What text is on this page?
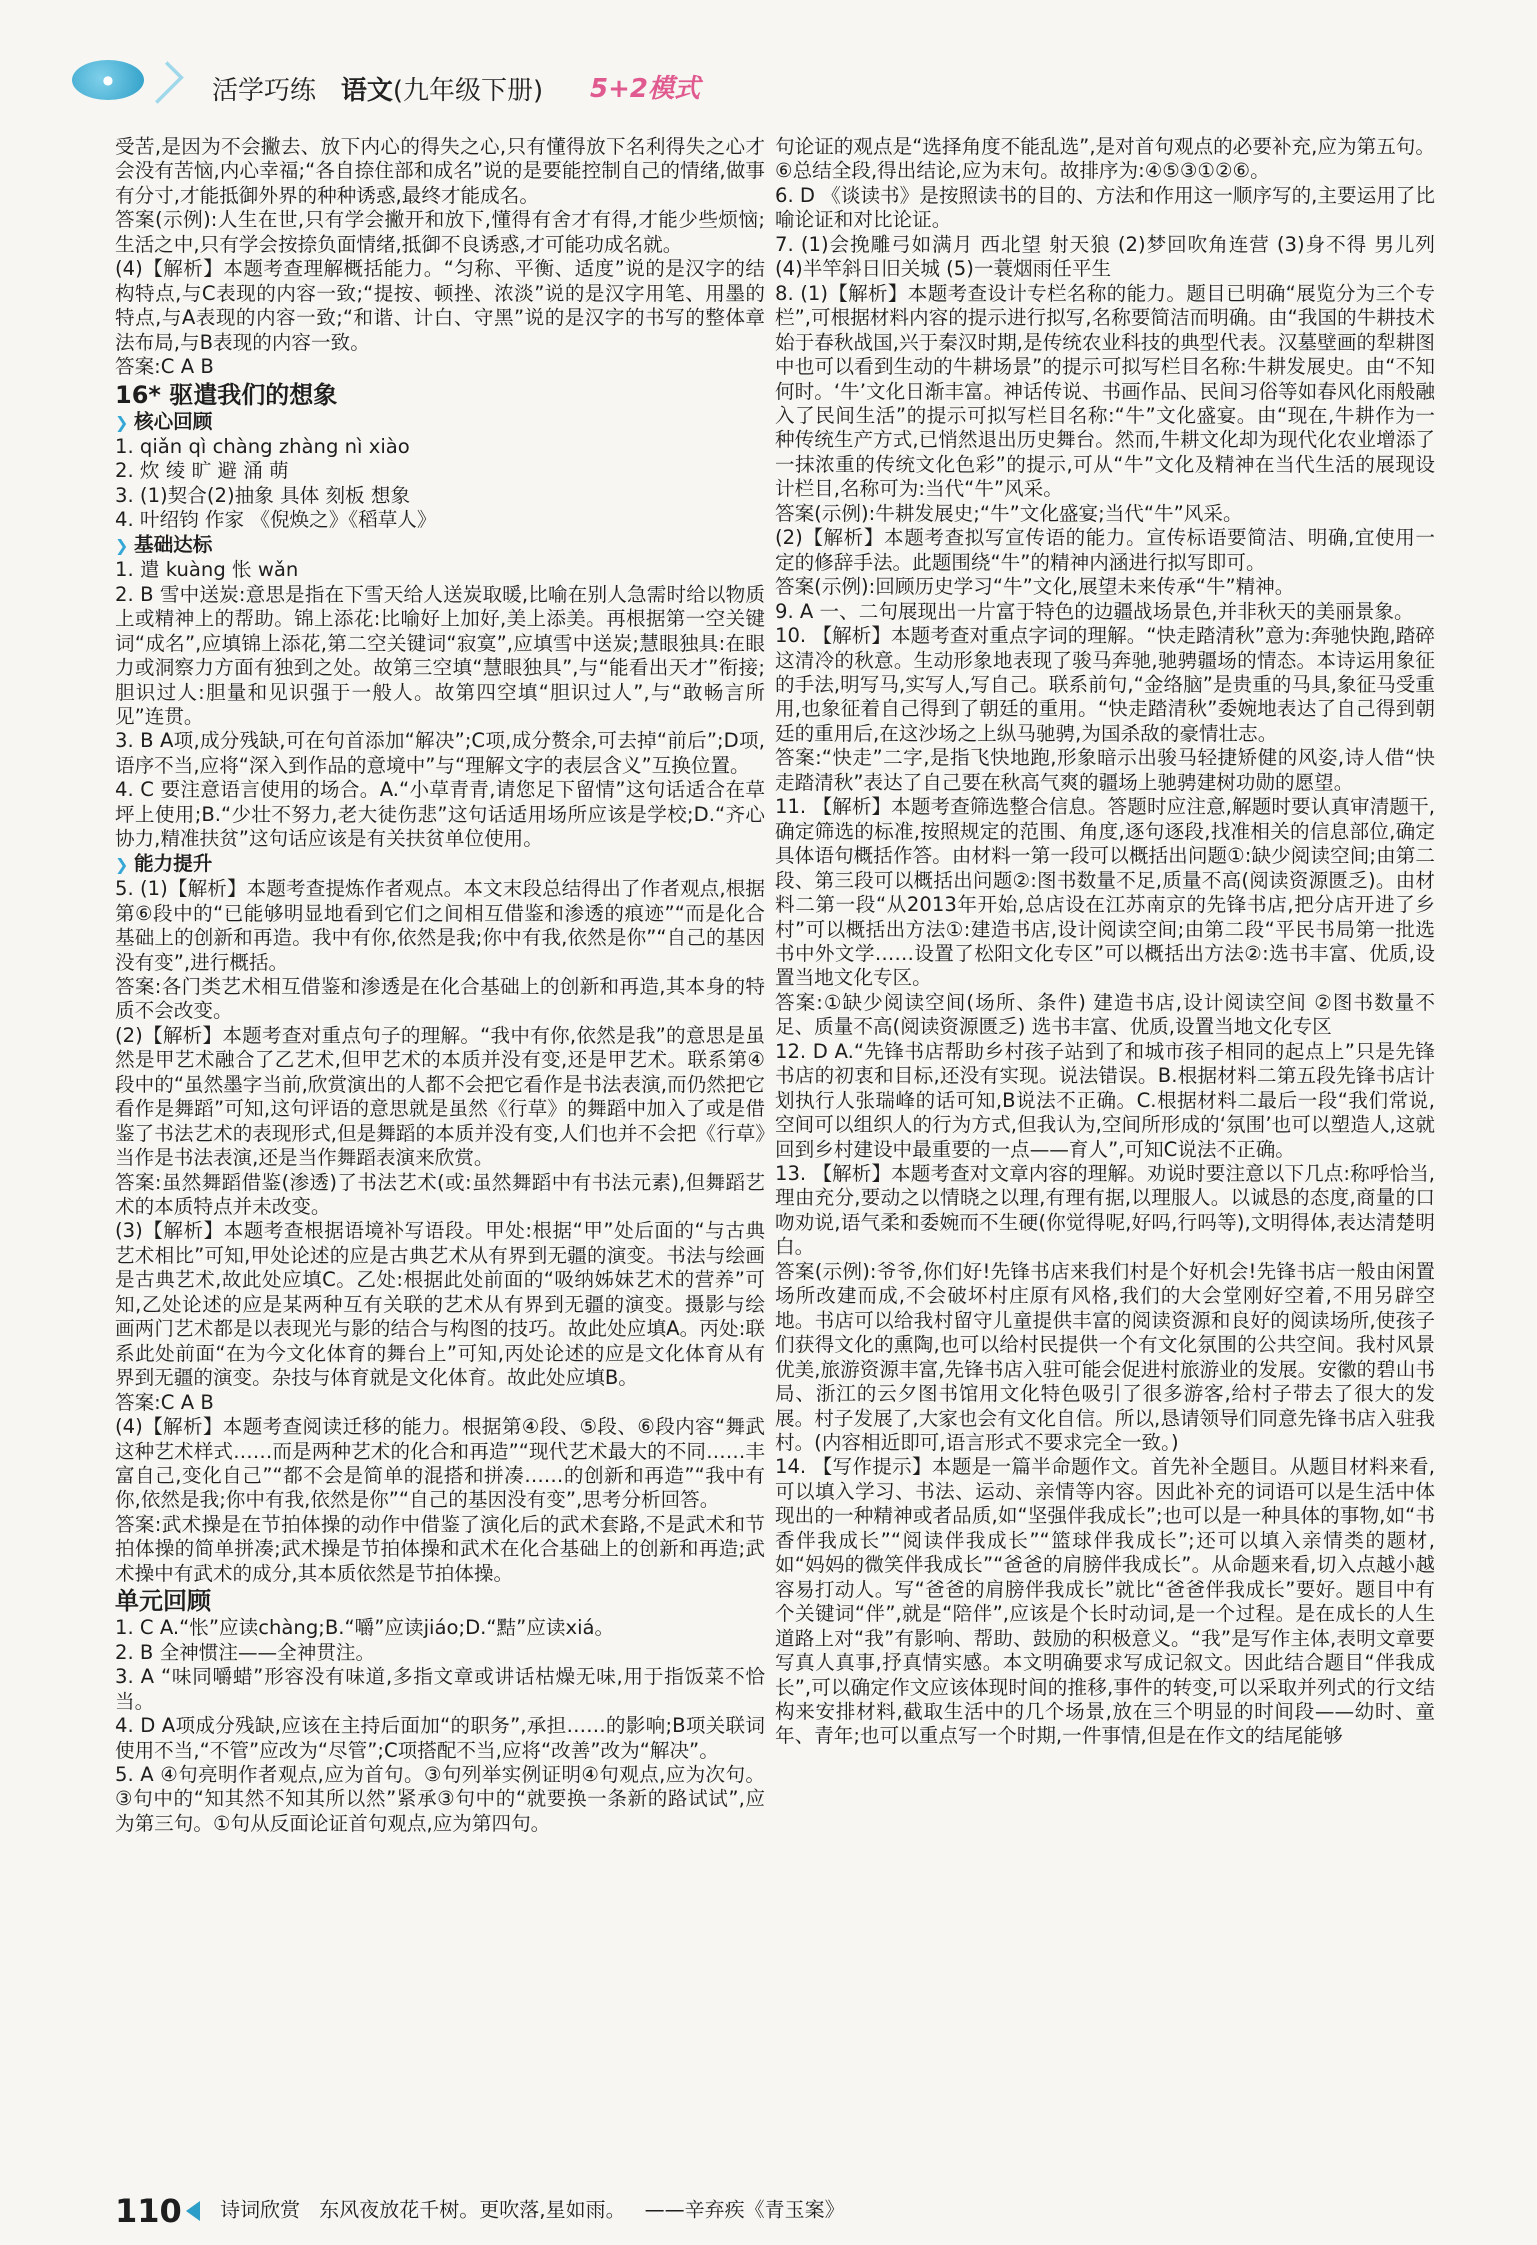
●	活学巧练 语文(九年级下册) 5+2模式

受苦,是因为不会撇去、放下内心的得失之心,只有懂得放下名利得失之心才会没有苦恼,内心幸福;“各自捺住部和成名”说的是要能控制自己的情绪,做事有分寸,才能抵御外界的种种诱惑,最终才能成名。

答案(示例):人生在世,只有学会撇开和放下,懂得有舍才有得,才能少些烦恼;生活之中,只有学会按捺负面情绪,抵御不良诱惑,才可能功成名就。

(4)【解析】本题考查理解概括能力。“匀称、平衡、适度”说的是汉字的结构特点,与C表现的内容一致;“提按、顿挫、浓淡”说的是汉字用笔、用墨的特点,与A表现的内容一致;“和谐、计白、守黑”说的是汉字的书写的整体章法布局,与B表现的内容一致。

答案:C A B

16* 驱遣我们的想象

❯ 核心回顾

1. qiǎn qì chàng zhàng nì xiào

2. 炊 绫 旷 避 涌 萌

3. (1)契合(2)抽象 具体 刻板 想象

4. 叶绍钧 作家 《倪焕之》《稻草人》

❯ 基础达标

1. 遣 kuàng 怅 wǎn

2. B 雪中送炭:意思是指在下雪天给人送炭取暖,比喻在别人急需时给以物质上或精神上的帮助。锦上添花:比喻好上加好,美上添美。再根据第一空关键词“成名”,应填锦上添花,第二空关键词“寂寞”,应填雪中送炭;慧眼独具:在眼力或洞察力方面有独到之处。故第三空填“慧眼独具”,与“能看出天才”衔接;胆识过人:胆量和见识强于一般人。故第四空填“胆识过人”,与“敢畅言所见”连贯。

3. B A项,成分残缺,可在句首添加“解决”;C项,成分赘余,可去掉“前后”;D项,语序不当,应将“深入到作品的意境中”与“理解文字的表层含义”互换位置。

4. C 要注意语言使用的场合。A.“小草青青,请您足下留情”这句话适合在草坪上使用;B.“少壮不努力,老大徒伤悲”这句话适用场所应该是学校;D.“齐心协力,精准扶贫”这句话应该是有关扶贫单位使用。

❯ 能力提升

5. (1)【解析】本题考查提炼作者观点。本文末段总结得出了作者观点,根据第⑥段中的“已能够明显地看到它们之间相互借鉴和渗透的痕迹”“而是化合基础上的创新和再造。我中有你,依然是我;你中有我,依然是你”“自己的基因没有变”,进行概括。

答案:各门类艺术相互借鉴和渗透是在化合基础上的创新和再造,其本身的特质不会改变。

(2)【解析】本题考查对重点句子的理解。“我中有你,依然是我”的意思是虽然是甲艺术融合了乙艺术,但甲艺术的本质并没有变,还是甲艺术。联系第④段中的“虽然墨字当前,欣赏演出的人都不会把它看作是书法表演,而仍然把它看作是舞蹈”可知,这句评语的意思就是虽然《行草》的舞蹈中加入了或是借鉴了书法艺术的表现形式,但是舞蹈的本质并没有变,人们也并不会把《行草》当作是书法表演,还是当作舞蹈表演来欣赏。

答案:虽然舞蹈借鉴(渗透)了书法艺术(或:虽然舞蹈中有书法元素),但舞蹈艺术的本质特点并未改变。

(3)【解析】本题考查根据语境补写语段。甲处:根据“甲”处后面的“与古典艺术相比”可知,甲处论述的应是古典艺术从有界到无疆的演变。书法与绘画是古典艺术,故此处应填C。乙处:根据此处前面的“吸纳姊妹艺术的营养”可知,乙处论述的应是某两种互有关联的艺术从有界到无疆的演变。摄影与绘画两门艺术都是以表现光与影的结合与构图的技巧。故此处应填A。丙处:联系此处前面“在为今文化体育的舞台上”可知,丙处论述的应是文化体育从有界到无疆的演变。杂技与体育就是文化体育。故此处应填B。

答案:C A B

(4)【解析】本题考查阅读迁移的能力。根据第④段、⑤段、⑥段内容“舞武这种艺术样式……而是两种艺术的化合和再造”“现代艺术最大的不同……丰富自己,变化自己”“都不会是简单的混搭和拼凑……的创新和再造”“我中有你,依然是我;你中有我,依然是你”“自己的基因没有变”,思考分析回答。

答案:武术操是在节拍体操的动作中借鉴了演化后的武术套路,不是武术和节拍体操的简单拼凑;武术操是节拍体操和武术在化合基础上的创新和再造;武术操中有武术的成分,其本质依然是节拍体操。

单元回顾

1. C A.“怅”应读chàng;B.“嚼”应读jiáo;D.“黠”应读xiá。

2. B 全神惯注——全神贯注。

3. A “味同嚼蜡”形容没有味道,多指文章或讲话枯燥无味,用于指饭菜不恰当。

4. D A项成分残缺,应该在主持后面加“的职务”,承担……的影响;B项关联词使用不当,“不管”应改为“尽管”;C项搭配不当,应将“改善”改为“解决”。

5. A ④句亮明作者观点,应为首句。③句列举实例证明④句观点,应为次句。③句中的“知其然不知其所以然”紧承③句中的“就要换一条新的路试试”,应为第三句。①句从反面论证首句观点,应为第四句。

句论证的观点是“选择角度不能乱选”,是对首句观点的必要补充,应为第五句。⑥总结全段,得出结论,应为末句。故排序为:④⑤③①②⑥。

6. D 《谈读书》是按照读书的目的、方法和作用这一顺序写的,主要运用了比喻论证和对比论证。

7. (1)会挽雕弓如满月 西北望 射天狼 (2)梦回吹角连营 (3)身不得 男儿列 (4)半竿斜日旧关城 (5)一蓑烟雨任平生

8. (1)【解析】本题考查设计专栏名称的能力。题目已明确“展览分为三个专栏”,可根据材料内容的提示进行拟写,名称要简洁而明确。由“我国的牛耕技术始于春秋战国,兴于秦汉时期,是传统农业科技的典型代表。汉墓壁画的犁耕图中也可以看到生动的牛耕场景”的提示可拟写栏目名称:牛耕发展史。由“不知何时。‘牛’文化日渐丰富。神话传说、书画作品、民间习俗等如春风化雨般融入了民间生活”的提示可拟写栏目名称:“牛”文化盛宴。由“现在,牛耕作为一种传统生产方式,已悄然退出历史舞台。然而,牛耕文化却为现代化农业增添了一抹浓重的传统文化色彩”的提示,可从“牛”文化及精神在当代生活的展现设计栏目,名称可为:当代“牛”风采。

答案(示例):牛耕发展史;“牛”文化盛宴;当代“牛”风采。

(2)【解析】本题考查拟写宣传语的能力。宣传标语要简洁、明确,宜使用一定的修辞手法。此题围绕“牛”的精神内涵进行拟写即可。

答案(示例):回顾历史学习“牛”文化,展望未来传承“牛”精神。

9. A 一、二句展现出一片富于特色的边疆战场景色,并非秋天的美丽景象。

10. 【解析】本题考查对重点字词的理解。“快走踏清秋”意为:奔驰快跑,踏碎这清冷的秋意。生动形象地表现了骏马奔驰,驰骋疆场的情态。本诗运用象征的手法,明写马,实写人,写自己。联系前句,“金络脑”是贵重的马具,象征马受重用,也象征着自己得到了朝廷的重用。“快走踏清秋”委婉地表达了自己得到朝廷的重用后,在这沙场之上纵马驰骋,为国杀敌的豪情壮志。

答案:“快走”二字,是指飞快地跑,形象暗示出骏马轻捷矫健的风姿,诗人借“快走踏清秋”表达了自己要在秋高气爽的疆场上驰骋建树功勋的愿望。

11. 【解析】本题考查筛选整合信息。答题时应注意,解题时要认真审清题干,确定筛选的标准,按照规定的范围、角度,逐句逐段,找准相关的信息部位,确定具体语句概括作答。由材料一第一段可以概括出问题①:缺少阅读空间;由第二段、第三段可以概括出问题②:图书数量不足,质量不高(阅读资源匮乏)。由材料二第一段“从2013年开始,总店设在江苏南京的先锋书店,把分店开进了乡村”可以概括出方法①:建造书店,设计阅读空间;由第二段“平民书局第一批选书中外文学……设置了松阳文化专区”可以概括出方法②:选书丰富、优质,设置当地文化专区。

答案:①缺少阅读空间(场所、条件) 建造书店,设计阅读空间 ②图书数量不足、质量不高(阅读资源匮乏) 选书丰富、优质,设置当地文化专区

12. D A.“先锋书店帮助乡村孩子站到了和城市孩子相同的起点上”只是先锋书店的初衷和目标,还没有实现。说法错误。B.根据材料二第五段先锋书店计划执行人张瑞峰的话可知,B说法不正确。C.根据材料二最后一段“我们常说,空间可以组织人的行为方式,但我认为,空间所形成的‘氛围’也可以塑造人,这就回到乡村建设中最重要的一点——育人”,可知C说法不正确。

13. 【解析】本题考查对文章内容的理解。劝说时要注意以下几点:称呼恰当,理由充分,要动之以情晓之以理,有理有据,以理服人。以诚恳的态度,商量的口吻劝说,语气柔和委婉而不生硬(你觉得呢,好吗,行吗等),文明得体,表达清楚明白。

答案(示例):爷爷,你们好!先锋书店来我们村是个好机会!先锋书店一般由闲置场所改建而成,不会破坏村庄原有风格,我们的大会堂刚好空着,不用另辟空地。书店可以给我村留守儿童提供丰富的阅读资源和良好的阅读场所,使孩子们获得文化的熏陶,也可以给村民提供一个有文化氛围的公共空间。我村风景优美,旅游资源丰富,先锋书店入驻可能会促进村旅游业的发展。安徽的碧山书局、浙江的云夕图书馆用文化特色吸引了很多游客,给村子带去了很大的发展。村子发展了,大家也会有文化自信。所以,恳请领导们同意先锋书店入驻我村。(内容相近即可,语言形式不要求完全一致。)

14. 【写作提示】本题是一篇半命题作文。首先补全题目。从题目材料来看,可以填入学习、书法、运动、亲情等内容。因此补充的词语可以是生活中体现出的一种精神或者品质,如“坚强伴我成长”;也可以是一种具体的事物,如“书香伴我成长”“阅读伴我成长”“篮球伴我成长”;还可以填入亲情类的题材,如“妈妈的微笑伴我成长”“爸爸的肩膀伴我成长”。从命题来看,切入点越小越容易打动人。写“爸爸的肩膀伴我成长”就比“爸爸伴我成长”要好。题目中有个关键词“伴”,就是“陪伴”,应该是个长时动词,是一个过程。是在成长的人生道路上对“我”有影响、帮助、鼓励的积极意义。“我”是写作主体,表明文章要写真人真事,抒真情实感。本文明确要求写成记叙文。因此结合题目“伴我成长”,可以确定作文应该体现时间的推移,事件的转变,可以采取并列式的行文结构来安排材料,截取生活中的几个场景,放在三个明显的时间段——幼时、童年、青年;也可以重点写一个时期,一件事情,但是在作文的结尾能够

110 诗词欣赏 东风夜放花千树。更吹落,星如雨。 ——辛弃疾《青玉案》
